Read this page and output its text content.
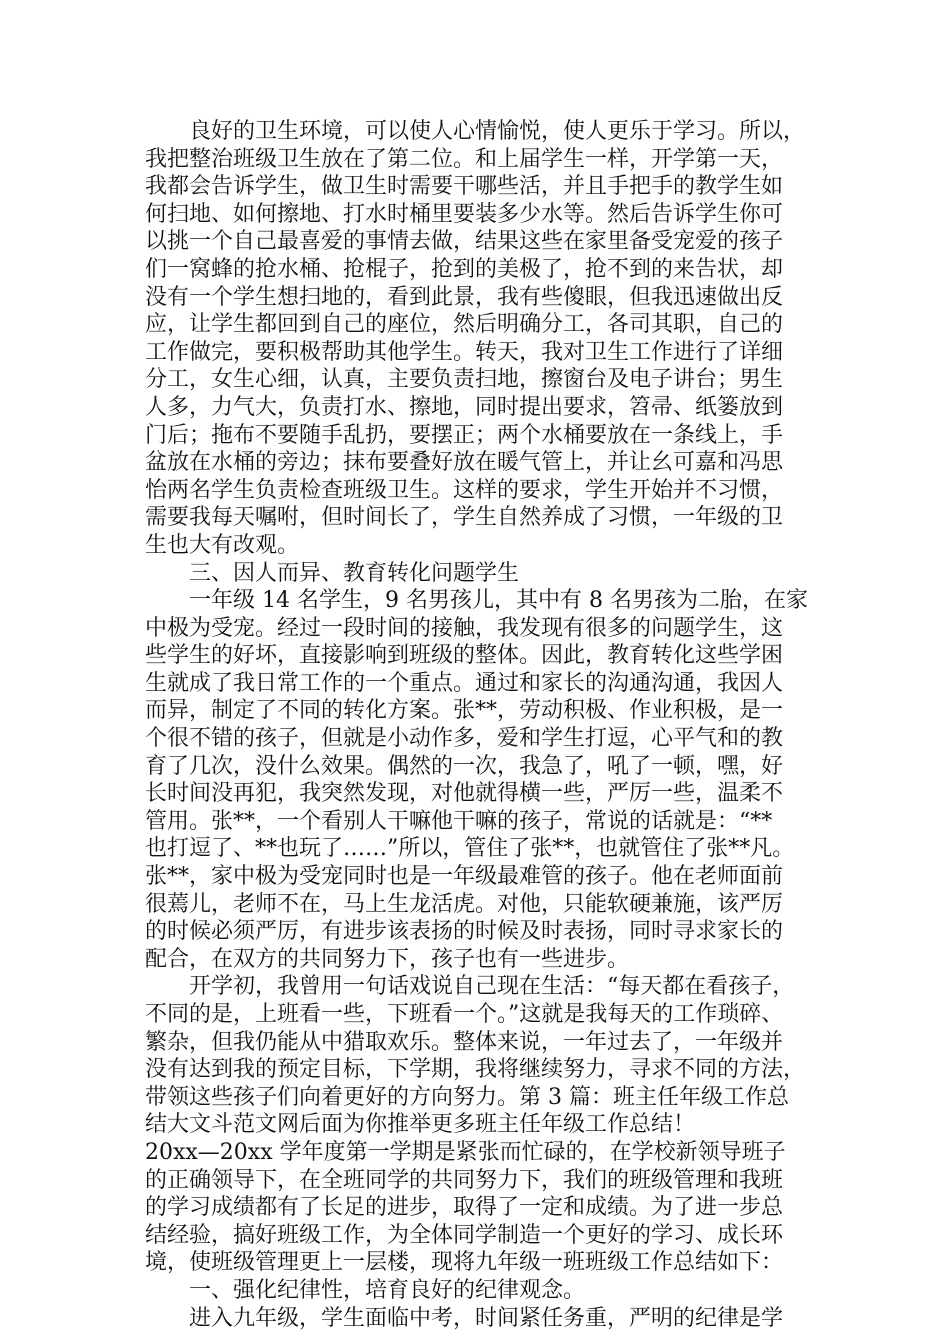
　　良好的卫生环境，可以使人心情愉悦，使人更乐于学习。所以，
我把整治班级卫生放在了第二位。和上届学生一样，开学第一天，
我都会告诉学生，做卫生时需要干哪些活，并且手把手的教学生如
何扫地、如何擦地、打水时桶里要装多少水等。然后告诉学生你可
以挑一个自己最喜爱的事情去做，结果这些在家里备受宠爱的孩子
们一窝蜂的抢水桶、抢棍子，抢到的美极了，抢不到的来告状，却
没有一个学生想扫地的，看到此景，我有些傻眼，但我迅速做出反
应，让学生都回到自己的座位，然后明确分工，各司其职，自己的
工作做完，要积极帮助其他学生。转天，我对卫生工作进行了详细
分工，女生心细，认真，主要负责扫地，擦窗台及电子讲台；男生
人多，力气大，负责打水、擦地，同时提出要求，笤帚、纸篓放到
门后；拖布不要随手乱扔，要摆正；两个水桶要放在一条线上，手
盆放在水桶的旁边；抹布要叠好放在暖气管上，并让幺可嘉和冯思
怡两名学生负责检查班级卫生。这样的要求，学生开始并不习惯，
需要我每天嘱咐，但时间长了，学生自然养成了习惯，一年级的卫
生也大有改观。
　　三、因人而异、教育转化问题学生
　　一年级 14 名学生，9 名男孩儿，其中有 8 名男孩为二胎，在家
中极为受宠。经过一段时间的接触，我发现有很多的问题学生，这
些学生的好坏，直接影响到班级的整体。因此，教育转化这些学困
生就成了我日常工作的一个重点。通过和家长的沟通沟通，我因人
而异，制定了不同的转化方案。张**，劳动积极、作业积极，是一
个很不错的孩子，但就是小动作多，爱和学生打逗，心平气和的教
育了几次，没什么效果。偶然的一次，我急了，吼了一顿，嘿，好
长时间没再犯，我突然发现，对他就得横一些，严厉一些，温柔不
管用。张**，一个看别人干嘛他干嘛的孩子，常说的话就是：“**
也打逗了、**也玩了……”所以，管住了张**，也就管住了张**凡。
张**，家中极为受宠同时也是一年级最难管的孩子。他在老师面前
很蔫儿，老师不在，马上生龙活虎。对他，只能软硬兼施，该严厉
的时候必须严厉，有进步该表扬的时候及时表扬，同时寻求家长的
配合，在双方的共同努力下，孩子也有一些进步。
　　开学初，我曾用一句话戏说自己现在生活：“每天都在看孩子，
不同的是，上班看一些，下班看一个。”这就是我每天的工作琐碎、
繁杂，但我仍能从中猎取欢乐。整体来说，一年过去了，一年级并
没有达到我的预定目标，下学期，我将继续努力，寻求不同的方法，
带领这些孩子们向着更好的方向努力。第 3 篇：班主任年级工作总
结大文斗范文网后面为你推举更多班主任年级工作总结！
20xx—20xx 学年度第一学期是紧张而忙碌的，在学校新领导班子
的正确领导下，在全班同学的共同努力下，我们的班级管理和我班
的学习成绩都有了长足的进步，取得了一定和成绩。为了进一步总
结经验，搞好班级工作，为全体同学制造一个更好的学习、成长环
境，使班级管理更上一层楼，现将九年级一班班级工作总结如下：
　　一、强化纪律性，培育良好的纪律观念。
　　进入九年级，学生面临中考，时间紧任务重，严明的纪律是学
